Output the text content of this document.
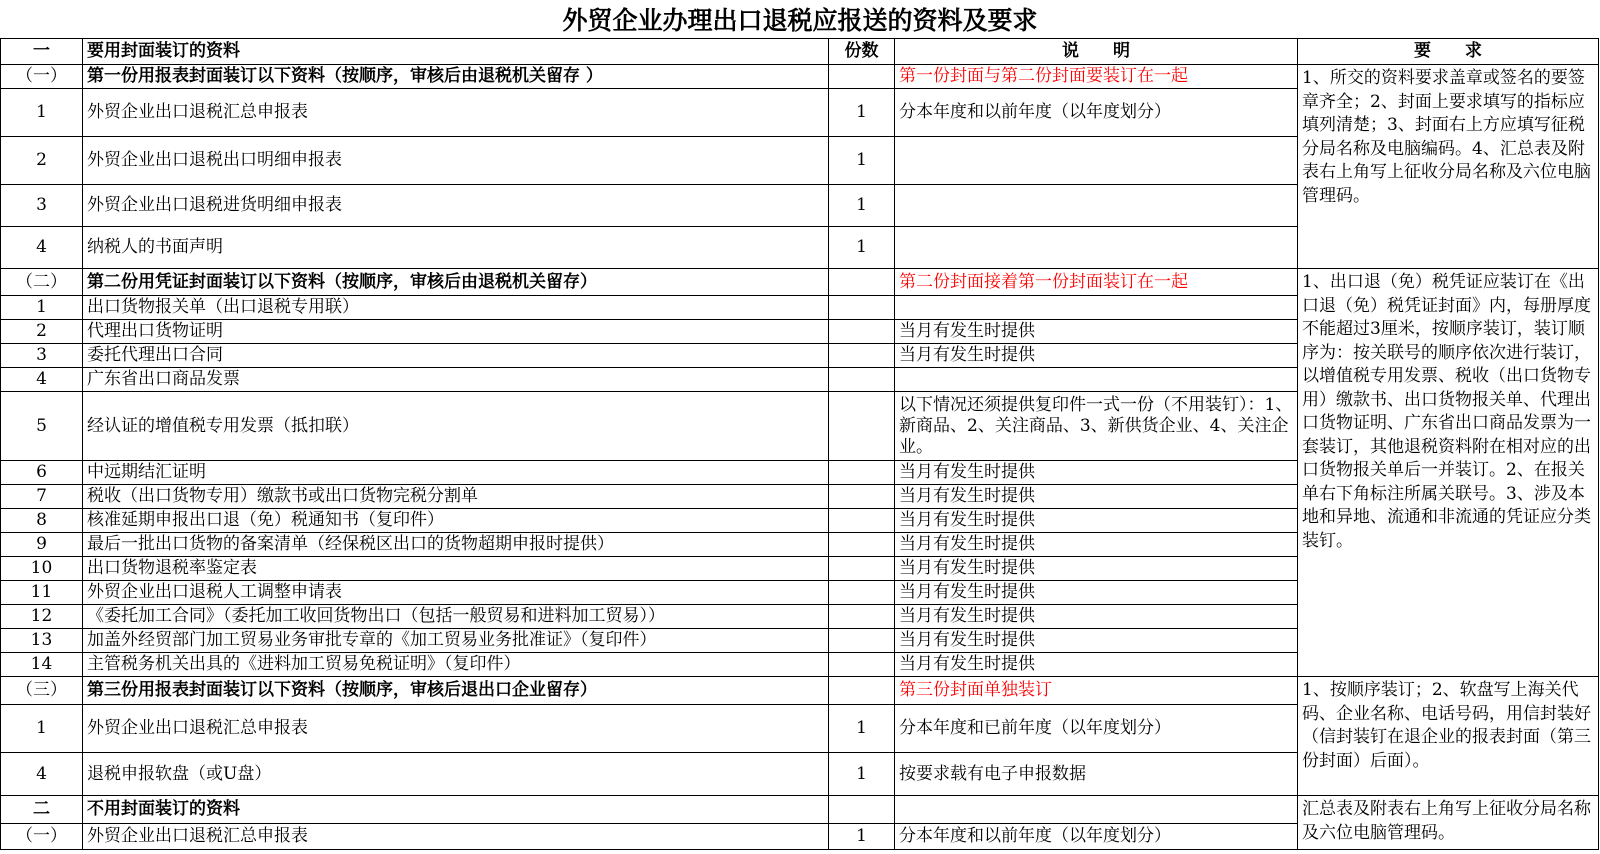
外贸企业办理出口退税应报送的资料及要求
一	要用封面装订的资料	份数	说　　明	要　　求
（一）	第一份用报表封面装订以下资料（按顺序，审核后由退税机关留存 ）		第一份封面与第二份封面要装订在一起	1、所交的资料要求盖章或签名的要签章齐全；2、封面上要求填写的指标应填列清楚；3、封面右上方应填写征税分局名称及电脑编码。4、汇总表及附表右上角写上征收分局名称及六位电脑管理码。
1	外贸企业出口退税汇总申报表	1	分本年度和以前年度（以年度划分）	
2	外贸企业出口退税出口明细申报表	1		
3	外贸企业出口退税进货明细申报表	1		
4	纳税人的书面声明	1		
（二）	第二份用凭证封面装订以下资料（按顺序，审核后由退税机关留存）		第二份封面接着第一份封面装订在一起	1、出口退（免）税凭证应装订在《出口退（免）税凭证封面》内，每册厚度不能超过3厘米，按顺序装订，装订顺序为：按关联号的顺序依次进行装订，以增值税专用发票、税收（出口货物专用）缴款书、出口货物报关单、代理出口货物证明、广东省出口商品发票为一套装订，其他退税资料附在相对应的出口货物报关单后一并装订。2、在报关单右下角标注所属关联号。3、涉及本地和异地、流通和非流通的凭证应分类装钉。
1	出口货物报关单（出口退税专用联）			
2	代理出口货物证明		当月有发生时提供	
3	委托代理出口合同		当月有发生时提供	
4	广东省出口商品发票			
5	经认证的增值税专用发票（抵扣联）		以下情况还须提供复印件一式一份（不用装钉）：1、新商品、2、关注商品、3、新供货企业、4、关注企业。	
6	中远期结汇证明		当月有发生时提供	
7	税收（出口货物专用）缴款书或出口货物完税分割单		当月有发生时提供	
8	核准延期申报出口退（免）税通知书（复印件）		当月有发生时提供	
9	最后一批出口货物的备案清单（经保税区出口的货物超期申报时提供）		当月有发生时提供	
10	出口货物退税率鉴定表		当月有发生时提供	
11	外贸企业出口退税人工调整申请表		当月有发生时提供	
12	《委托加工合同》（委托加工收回货物出口（包括一般贸易和进料加工贸易））		当月有发生时提供	
13	加盖外经贸部门加工贸易业务审批专章的《加工贸易业务批准证》（复印件）		当月有发生时提供	
14	主管税务机关出具的《进料加工贸易免税证明》（复印件）		当月有发生时提供	
（三）	第三份用报表封面装订以下资料（按顺序，审核后退出口企业留存）		第三份封面单独装订	1、按顺序装订；2、软盘写上海关代码、企业名称、电话号码，用信封装好（信封装钉在退企业的报表封面（第三份封面）后面）。
1	外贸企业出口退税汇总申报表	1	分本年度和已前年度（以年度划分）	
4	退税申报软盘（或U盘）	1	按要求载有电子申报数据	
二	不用封面装订的资料			汇总表及附表右上角写上征收分局名称及六位电脑管理码。
（一）	外贸企业出口退税汇总申报表	1	分本年度和以前年度（以年度划分）	
